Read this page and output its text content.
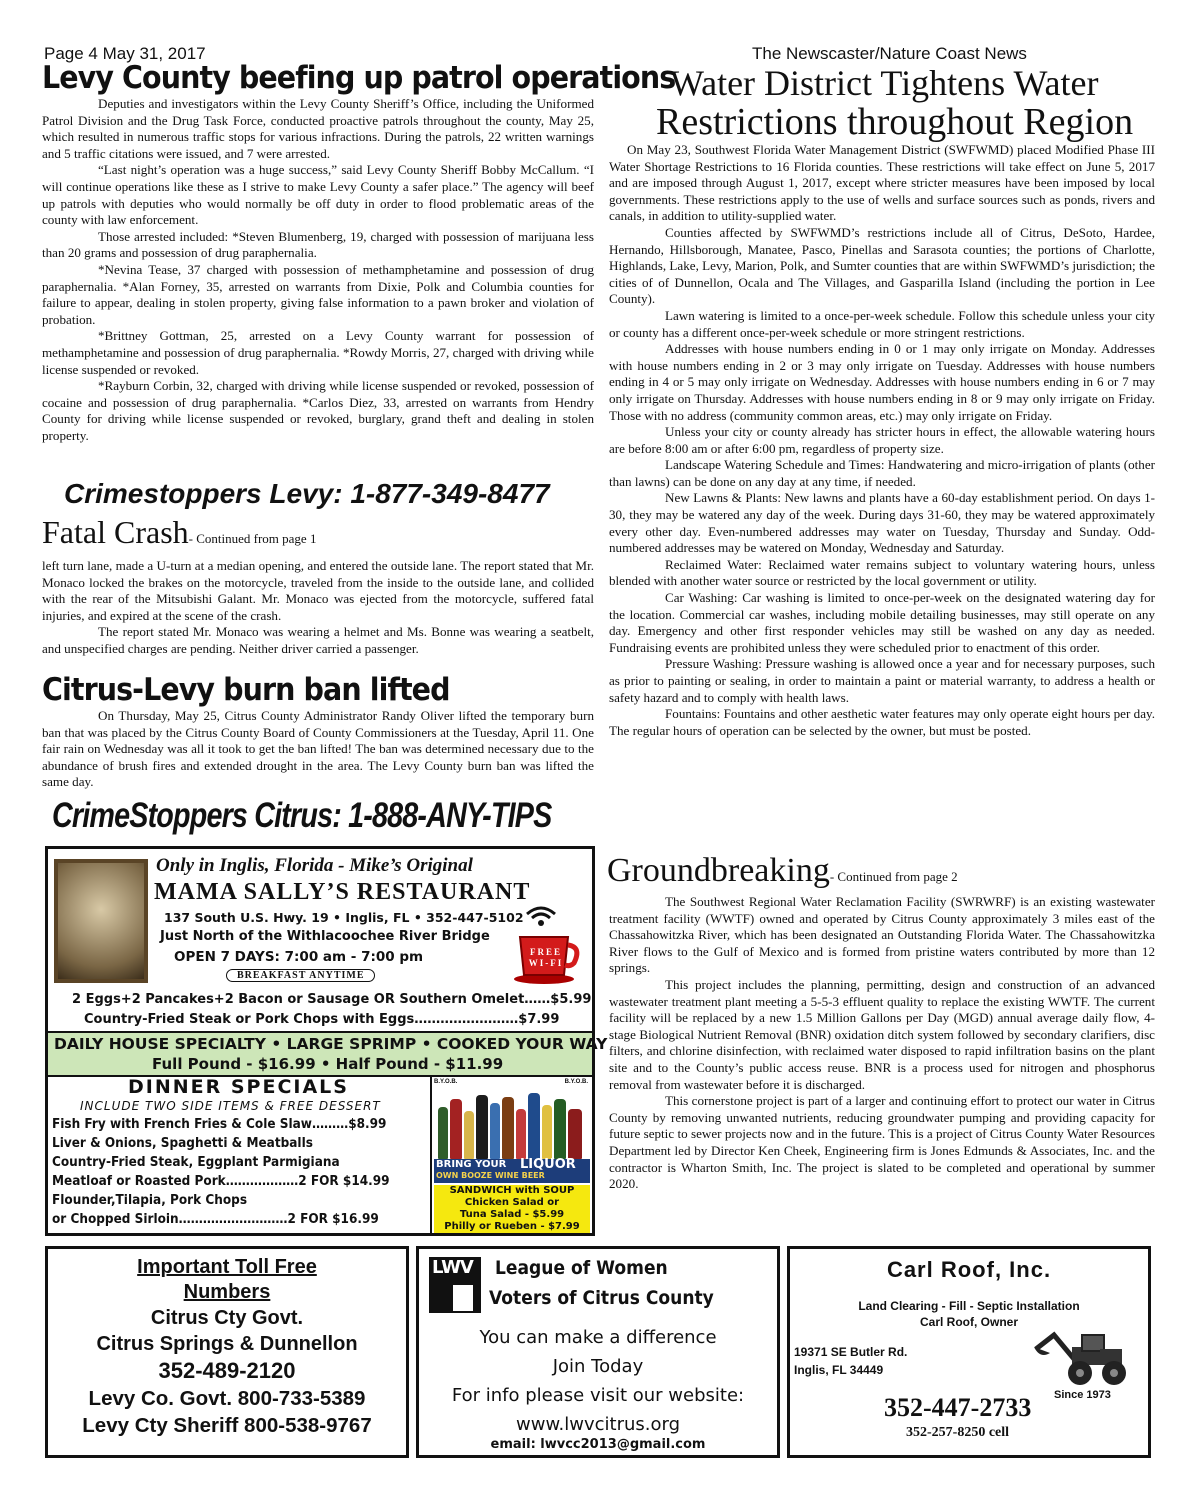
Page 4 May 31, 2017	The Newscaster/Nature Coast News
Levy County beefing up patrol operations

Deputies and investigators within the Levy County Sheriff’s Office, including the Uniformed Patrol Division and the Drug Task Force, conducted proactive patrols throughout the county, May 25, which resulted in numerous traffic stops for various infractions. During the patrols, 22 written warnings and 5 traffic citations were issued, and 7 were arrested.

“Last night’s operation was a huge success,” said Levy County Sheriff Bobby McCallum. “I will continue operations like these as I strive to make Levy County a safer place.” The agency will beef up patrols with deputies who would normally be off duty in order to flood problematic areas of the county with law enforcement.

Those arrested included: *Steven Blumenberg, 19, charged with possession of marijuana less than 20 grams and possession of drug paraphernalia.

*Nevina Tease, 37 charged with possession of methamphetamine and possession of drug paraphernalia. *Alan Forney, 35, arrested on warrants from Dixie, Polk and Columbia counties for failure to appear, dealing in stolen property, giving false information to a pawn broker and violation of probation.

*Brittney Gottman, 25, arrested on a Levy County warrant for possession of methamphetamine and possession of drug paraphernalia. *Rowdy Morris, 27, charged with driving while license suspended or revoked.

*Rayburn Corbin, 32, charged with driving while license suspended or revoked, possession of cocaine and possession of drug paraphernalia. *Carlos Diez, 33, arrested on warrants from Hendry County for driving while license suspended or revoked, burglary, grand theft and dealing in stolen property.

Crimestoppers Levy: 1-877-349-8477
Fatal Crash- Continued from page 1

left turn lane, made a U-turn at a median opening, and entered the outside lane. The report stated that Mr. Monaco locked the brakes on the motorcycle, traveled from the inside to the outside lane, and collided with the rear of the Mitsubishi Galant. Mr. Monaco was ejected from the motorcycle, suffered fatal injuries, and expired at the scene of the crash.

The report stated Mr. Monaco was wearing a helmet and Ms. Bonne was wearing a seatbelt, and unspecified charges are pending. Neither driver carried a passenger.

Citrus-Levy burn ban lifted

On Thursday, May 25, Citrus County Administrator Randy Oliver lifted the temporary burn ban that was placed by the Citrus County Board of County Commissioners at the Tuesday, April 11. One fair rain on Wednesday was all it took to get the ban lifted! The ban was determined necessary due to the abundance of brush fires and extended drought in the area. The Levy County burn ban was lifted the same day.

CrimeStoppers Citrus: 1-888-ANY-TIPS
Only in Inglis, Florida - Mike’s Original
MAMA SALLY’S RESTAURANT
137 South U.S. Hwy. 19 • Inglis, FL • 352-447-5102
Just North of the Withlacoochee River Bridge
OPEN 7 DAYS: 7:00 am - 7:00 pm
BREAKFAST ANYTIME
FREE WI-FI
2 Eggs+2 Pancakes+2 Bacon or Sausage OR Southern Omelet……$5.99
Country-Fried Steak or Pork Chops with Eggs……………………$7.99
DAILY HOUSE SPECIALTY • LARGE SPRIMP • COOKED YOUR WAY
Full Pound - $16.99 • Half Pound - $11.99
DINNER SPECIALS
INCLUDE TWO SIDE ITEMS & FREE DESSERT
Fish Fry with French Fries & Cole Slaw………$8.99
Liver & Onions, Spaghetti & Meatballs
Country-Fried Steak, Eggplant Parmigiana
Meatloaf or Roasted Pork………………2 FOR $14.99
Flounder,Tilapia, Pork Chops
or Chopped Sirloin………………………2 FOR $16.99
B.Y.O.B.	B.Y.O.B.
BRING YOUR LIQUOR
OWN BOOZE WINE BEER
SANDWICH with SOUP
Chicken Salad or
Tuna Salad - $5.99
Philly or Rueben - $7.99
Water District Tightens Water
Restrictions throughout Region

On May 23, Southwest Florida Water Management District (SWFWMD) placed Modified Phase III Water Shortage Restrictions to 16 Florida counties. These restrictions will take effect on June 5, 2017 and are imposed through August 1, 2017, except where stricter measures have been imposed by local governments. These restrictions apply to the use of wells and surface sources such as ponds, rivers and canals, in addition to utility-supplied water.

Counties affected by SWFWMD’s restrictions include all of Citrus, DeSoto, Hardee, Hernando, Hillsborough, Manatee, Pasco, Pinellas and Sarasota counties; the portions of Charlotte, Highlands, Lake, Levy, Marion, Polk, and Sumter counties that are within SWFWMD’s jurisdiction; the cities of of Dunnellon, Ocala and The Villages, and Gasparilla Island (including the portion in Lee County).

Lawn watering is limited to a once-per-week schedule. Follow this schedule unless your city or county has a different once-per-week schedule or more stringent restrictions.

Addresses with house numbers ending in 0 or 1 may only irrigate on Monday. Addresses with house numbers ending in 2 or 3 may only irrigate on Tuesday. Addresses with house numbers ending in 4 or 5 may only irrigate on Wednesday. Addresses with house numbers ending in 6 or 7 may only irrigate on Thursday. Addresses with house numbers ending in 8 or 9 may only irrigate on Friday. Those with no address (community common areas, etc.) may only irrigate on Friday.

Unless your city or county already has stricter hours in effect, the allowable watering hours are before 8:00 am or after 6:00 pm, regardless of property size.

Landscape Watering Schedule and Times: Handwatering and micro-irrigation of plants (other than lawns) can be done on any day at any time, if needed.

New Lawns & Plants: New lawns and plants have a 60-day establishment period. On days 1-30, they may be watered any day of the week. During days 31-60, they may be watered approximately every other day. Even-numbered addresses may water on Tuesday, Thursday and Sunday. Odd-numbered addresses may be watered on Monday, Wednesday and Saturday.

Reclaimed Water: Reclaimed water remains subject to voluntary watering hours, unless blended with another water source or restricted by the local government or utility.

Car Washing: Car washing is limited to once-per-week on the designated watering day for the location. Commercial car washes, including mobile detailing businesses, may still operate on any day. Emergency and other first responder vehicles may still be washed on any day as needed. Fundraising events are prohibited unless they were scheduled prior to enactment of this order.

Pressure Washing: Pressure washing is allowed once a year and for necessary purposes, such as prior to painting or sealing, in order to maintain a paint or material warranty, to address a health or safety hazard and to comply with health laws.

Fountains: Fountains and other aesthetic water features may only operate eight hours per day. The regular hours of operation can be selected by the owner, but must be posted.

Groundbreaking- Continued from page 2

The Southwest Regional Water Reclamation Facility (SWRWRF) is an existing wastewater treatment facility (WWTF) owned and operated by Citrus County approximately 3 miles east of the Chassahowitzka River, which has been designated an Outstanding Florida Water. The Chassahowitzka River flows to the Gulf of Mexico and is formed from pristine waters contributed by more than 12 springs.

This project includes the planning, permitting, design and construction of an advanced wastewater treatment plant meeting a 5-5-3 effluent quality to replace the existing WWTF. The current facility will be replaced by a new 1.5 Million Gallons per Day (MGD) annual average daily flow, 4-stage Biological Nutrient Removal (BNR) oxidation ditch system followed by secondary clarifiers, disc filters, and chlorine disinfection, with reclaimed water disposed to rapid infiltration basins on the plant site and to the County’s public access reuse. BNR is a process used for nitrogen and phosphorus removal from wastewater before it is discharged.

This cornerstone project is part of a larger and continuing effort to protect our water in Citrus County by removing unwanted nutrients, reducing groundwater pumping and providing capacity for future septic to sewer projects now and in the future. This is a project of Citrus County Water Resources Department led by Director Ken Cheek, Engineering firm is Jones Edmunds & Associates, Inc. and the contractor is Wharton Smith, Inc. The project is slated to be completed and operational by summer 2020.

Important Toll Free
Numbers
Citrus Cty Govt.
Citrus Springs & Dunnellon
352-489-2120
Levy Co. Govt. 800-733-5389
Levy Cty Sheriff 800-538-9767
LWV League of Women
Voters of Citrus County
You can make a difference
Join Today
For info please visit our website:
www.lwvcitrus.org
email: lwvcc2013@gmail.com
Carl Roof, Inc.
Land Clearing - Fill - Septic Installation
Carl Roof, Owner
19371 SE Butler Rd.
Inglis, FL 34449
Since 1973
352-447-2733
352-257-8250 cell
